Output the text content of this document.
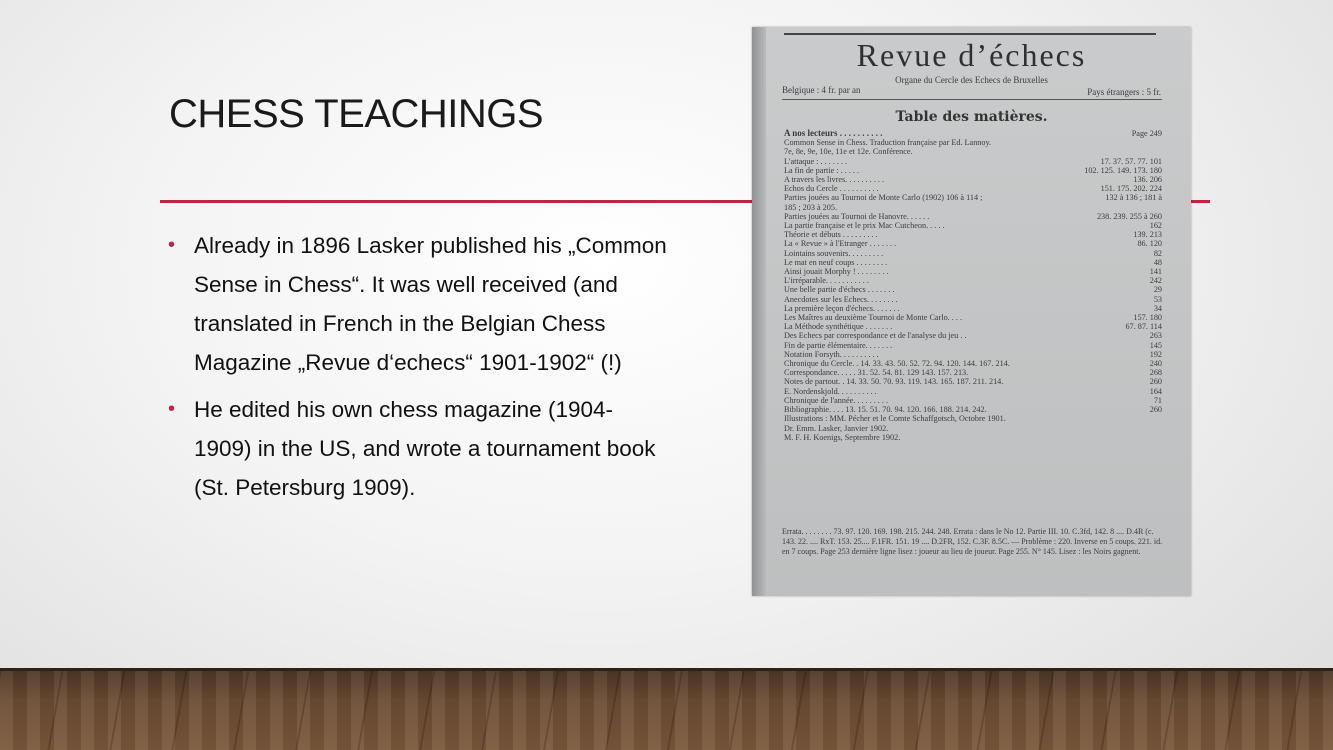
CHESS TEACHINGS
• Already in 1896 Lasker published his „Common Sense in Chess“. It was well received (and translated in French in the Belgian Chess Magazine „Revue d‘echecs“ 1901-1902“ (!)
• He edited his own chess magazine (1904-1909) in the US, and wrote a tournament book (St. Petersburg 1909).
Revue d’échecs
Organe du Cercle des Echecs de Bruxelles
Belgique : 4 fr. par an	Pays étrangers : 5 fr.
Table des matières.
A nos lecteurs . . . . . . . . . .	Page 249
Common Sense in Chess. Traduction française par Ed. Lannoy.
7e, 8e, 9e, 10e, 11e et 12e. Conférence.
L'attaque : . . . . . . .	17. 37. 57. 77. 101
La fin de partie : . . . . .	102. 125. 149. 173. 180
A travers les livres. . . . . . . . . .	136. 206
Echos du Cercle . . . . . . . . . .	151. 175. 202. 224
Parties jouées au Tournoi de Monte Carlo (1902) 106 à 114 ;	132 à 136 ; 181 à
185 ; 203 à 205.
Parties jouées au Tournoi de Hanovre. . . . . .	238. 239. 255 à 260
La partie française et le prix Mac Cutcheon. . . . .	162
Théorie et débuts . . . . . . . . .	139. 213
La « Revue » à l'Etranger . . . . . . .	86. 120
Lointains souvenirs. . . . . . . . .	82
Le mat en neuf coups . . . . . . . .	48
Ainsi jouait Morphy ! . . . . . . . .	141
L'irréparable. . . . . . . . . . .	242
Une belle partie d'échecs . . . . . . .	29
Anecdotes sur les Echecs. . . . . . . .	53
La première leçon d'échecs. . . . . . .	34
Les Maîtres au deuxième Tournoi de Monte Carlo. . . .	157. 180
La Méthode synthétique . . . . . . .	67. 87. 114
Des Echecs par correspondance et de l'analyse du jeu . .	263
Fin de partie élémentaire. . . . . . .	145
Notation Forsyth. . . . . . . . . .	192
Chronique du Cercle. . 14. 33. 43. 50. 52. 72. 94. 120. 144. 167. 214.	240
Correspondance. . . . . 31. 52. 54. 81. 129 143. 157. 213.	268
Notes de partout. . 14. 33. 50. 70. 93. 119. 143. 165. 187. 211. 214.	260
E. Nordenskjold. . . . . . . . . .	164
Chronique de l'année. . . . . . . . .	71
Bibliographie. . . . 13. 15. 51. 70. 94. 120. 166. 188. 214. 242.	260
Illustrations : MM. Pécher et le Comte Schaffgotsch, Octobre 1901.
Dr. Emm. Lasker, Janvier 1902.
M. F. H. Koenigs, Septembre 1902.
Errata. . . . . . . . 73. 97. 120. 169. 198. 215. 244. 248. Errata : dans le No 12. Partie III. 10. C.3fd, 142. 8 .... D.4R (c. 143. 22. .... RxT. 153. 25.... F.1FR. 151. 19 .... D.2FR, 152. C.3F. 8.5C. — Problème : 220. Inverse en 5 coups. 221. id. en 7 coups. Page 253 dernière ligne lisez : joueur au lieu de joueur. Page 255. N° 145. Lisez : les Noirs gagnent.
